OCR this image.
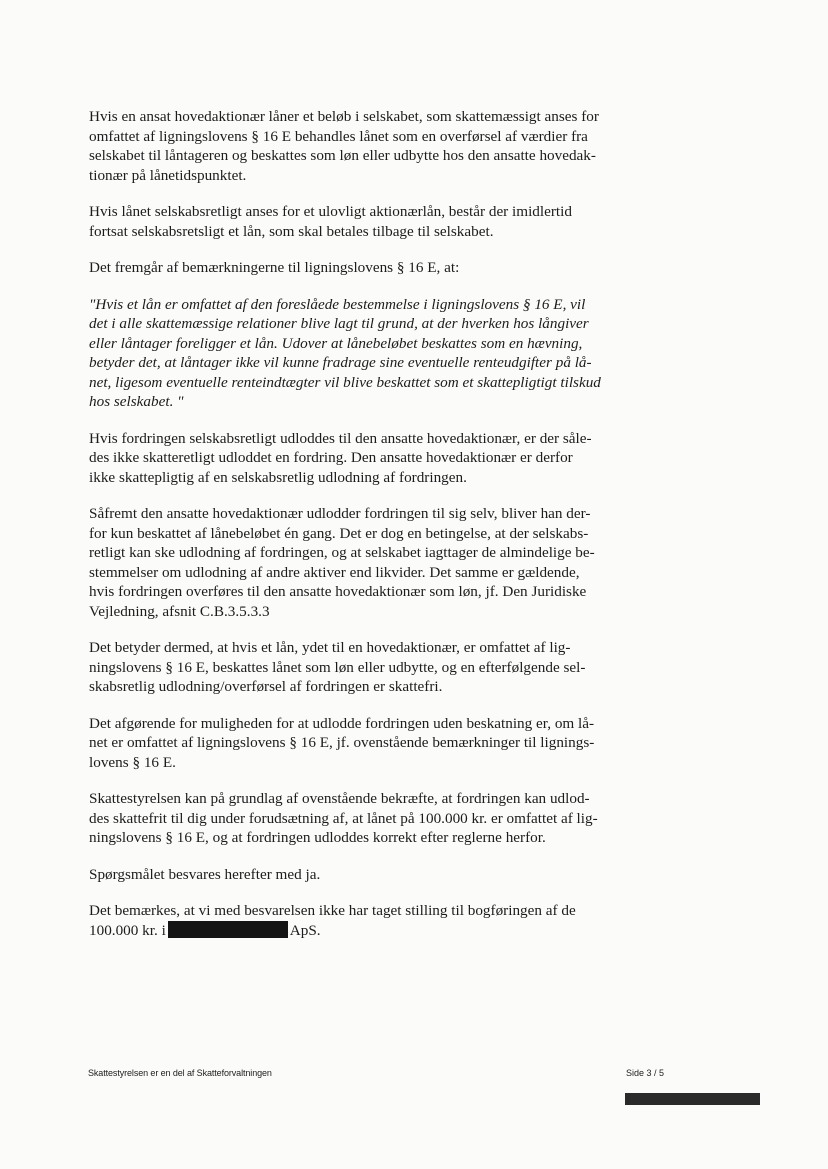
Hvis en ansat hovedaktionær låner et beløb i selskabet, som skattemæssigt anses for
omfattet af ligningslovens § 16 E behandles lånet som en overførsel af værdier fra
selskabet til låntageren og beskattes som løn eller udbytte hos den ansatte hovedak-
tionær på lånetidspunktet.

Hvis lånet selskabsretligt anses for et ulovligt aktionærlån, består der imidlertid
fortsat selskabsretsligt et lån, som skal betales tilbage til selskabet.

Det fremgår af bemærkningerne til ligningslovens § 16 E, at:

"Hvis et lån er omfattet af den foreslåede bestemmelse i ligningslovens § 16 E, vil
det i alle skattemæssige relationer blive lagt til grund, at der hverken hos långiver
eller låntager foreligger et lån. Udover at lånebeløbet beskattes som en hævning,
betyder det, at låntager ikke vil kunne fradrage sine eventuelle renteudgifter på lå-
net, ligesom eventuelle renteindtægter vil blive beskattet som et skattepligtigt tilskud
hos selskabet. "

Hvis fordringen selskabsretligt udloddes til den ansatte hovedaktionær, er der såle-
des ikke skatteretligt udloddet en fordring. Den ansatte hovedaktionær er derfor
ikke skattepligtig af en selskabsretlig udlodning af fordringen.

Såfremt den ansatte hovedaktionær udlodder fordringen til sig selv, bliver han der-
for kun beskattet af lånebeløbet én gang. Det er dog en betingelse, at der selskabs-
retligt kan ske udlodning af fordringen, og at selskabet iagttager de almindelige be-
stemmelser om udlodning af andre aktiver end likvider. Det samme er gældende,
hvis fordringen overføres til den ansatte hovedaktionær som løn, jf. Den Juridiske
Vejledning, afsnit C.B.3.5.3.3

Det betyder dermed, at hvis et lån, ydet til en hovedaktionær, er omfattet af lig-
ningslovens § 16 E, beskattes lånet som løn eller udbytte, og en efterfølgende sel-
skabsretlig udlodning/overførsel af fordringen er skattefri.

Det afgørende for muligheden for at udlodde fordringen uden beskatning er, om lå-
net er omfattet af ligningslovens § 16 E, jf. ovenstående bemærkninger til lignings-
lovens § 16 E.

Skattestyrelsen kan på grundlag af ovenstående bekræfte, at fordringen kan udlod-
des skattefrit til dig under forudsætning af, at lånet på 100.000 kr. er omfattet af lig-
ningslovens § 16 E, og at fordringen udloddes korrekt efter reglerne herfor.

Spørgsmålet besvares herefter med ja.

Det bemærkes, at vi med besvarelsen ikke har taget stilling til bogføringen af de
100.000 kr. i	ApS.

Skattestyrelsen er en del af Skatteforvaltningen	Side 3 / 5
